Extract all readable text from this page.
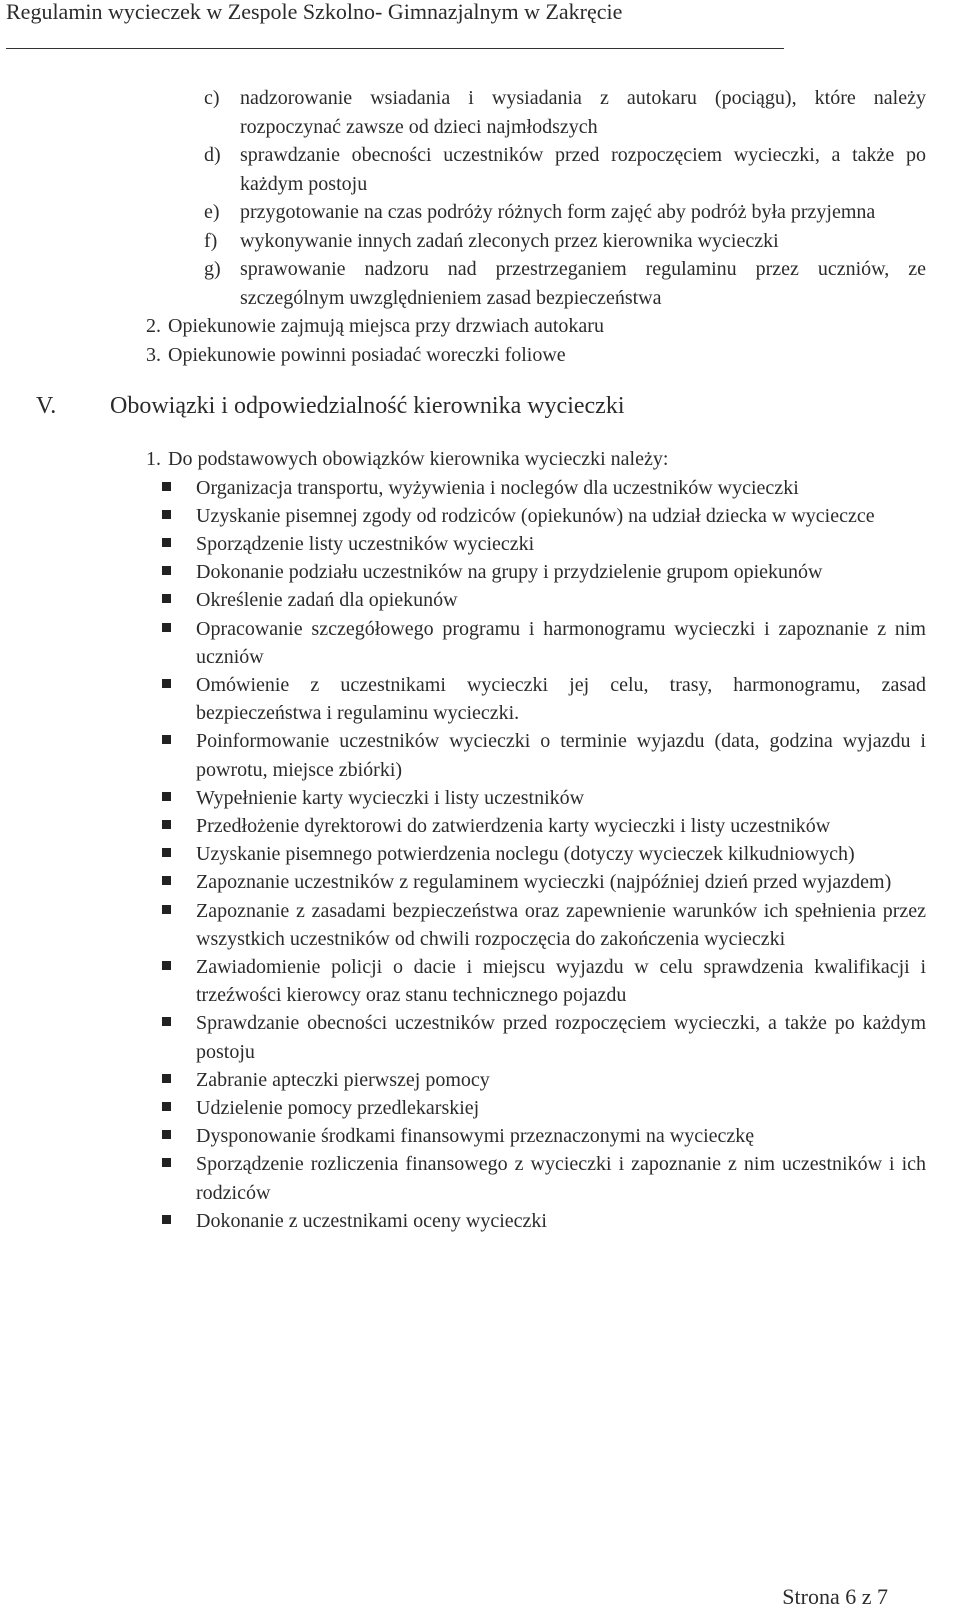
Regulamin wycieczek w Zespole Szkolno- Gimnazjalnym w Zakręcie
c)	nadzorowanie wsiadania i wysiadania z autokaru (pociągu), które należy rozpoczynać zawsze od dzieci najmłodszych
d) sprawdzanie obecności uczestników przed rozpoczęciem wycieczki, a także po każdym postoju
e)	przygotowanie na czas podróży różnych form zajęć aby podróż była przyjemna
f)	wykonywanie innych zadań zleconych przez kierownika wycieczki
g) sprawowanie nadzoru nad przestrzeganiem regulaminu przez uczniów, ze szczególnym uwzględnieniem zasad bezpieczeństwa
2. Opiekunowie zajmują miejsca przy drzwiach autokaru
3. Opiekunowie powinni posiadać woreczki foliowe
V.	Obowiązki i odpowiedzialność kierownika wycieczki
1. Do podstawowych obowiązków kierownika wycieczki należy:
Organizacja transportu, wyżywienia i noclegów dla uczestników wycieczki
Uzyskanie pisemnej zgody od rodziców (opiekunów) na udział dziecka w wycieczce
Sporządzenie listy uczestników wycieczki
Dokonanie podziału uczestników na grupy i przydzielenie grupom opiekunów
Określenie zadań dla opiekunów
Opracowanie szczegółowego programu i harmonogramu wycieczki i zapoznanie z nim uczniów
Omówienie z uczestnikami wycieczki jej celu, trasy, harmonogramu, zasad bezpieczeństwa i regulaminu wycieczki.
Poinformowanie uczestników wycieczki o terminie wyjazdu (data, godzina wyjazdu i powrotu, miejsce zbiórki)
Wypełnienie karty wycieczki i listy uczestników
Przedłożenie dyrektorowi do zatwierdzenia karty wycieczki i listy uczestników
Uzyskanie pisemnego potwierdzenia noclegu (dotyczy wycieczek kilkudniowych)
Zapoznanie uczestników z regulaminem wycieczki (najpóźniej dzień przed wyjazdem)
Zapoznanie z zasadami bezpieczeństwa oraz zapewnienie warunków ich spełnienia przez wszystkich uczestników od chwili rozpoczęcia do zakończenia wycieczki
Zawiadomienie policji o dacie i miejscu wyjazdu w celu sprawdzenia kwalifikacji i trzeźwości kierowcy oraz stanu technicznego pojazdu
Sprawdzanie obecności uczestników przed rozpoczęciem wycieczki, a także po każdym postoju
Zabranie apteczki pierwszej pomocy
Udzielenie pomocy przedlekarskiej
Dysponowanie środkami finansowymi przeznaczonymi na wycieczkę
Sporządzenie rozliczenia finansowego z wycieczki i zapoznanie z nim uczestników i ich rodziców
Dokonanie z uczestnikami oceny wycieczki
Strona 6 z 7
